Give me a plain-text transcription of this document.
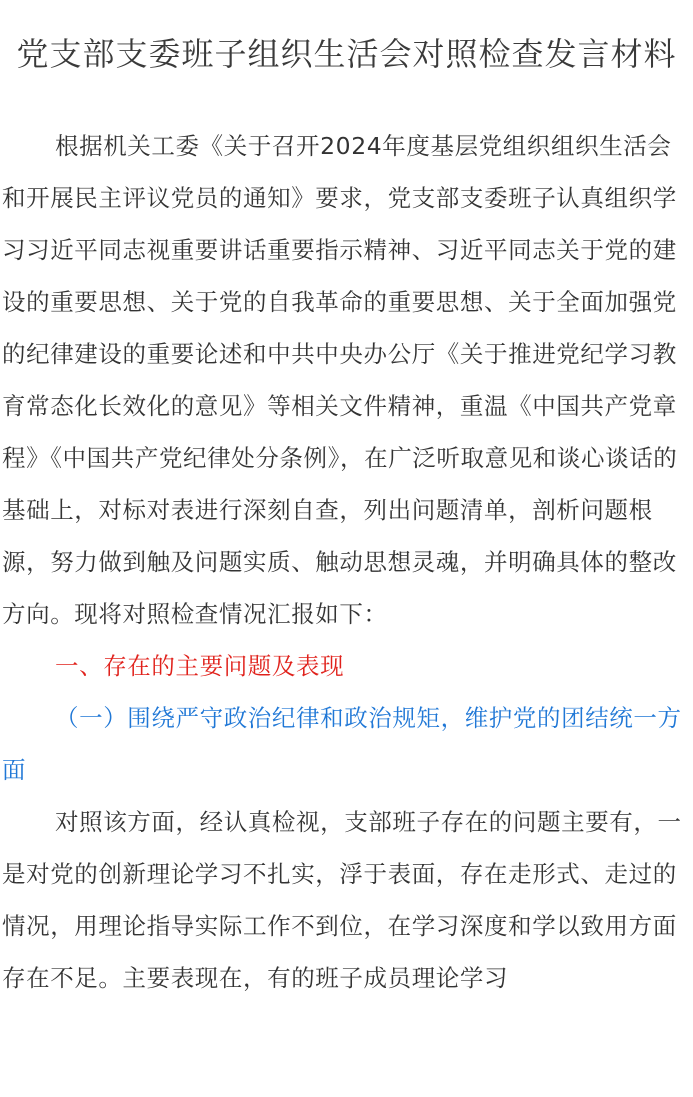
党支部支委班子组织生活会对照检查发言材料

根据机关工委《关于召开2024年度基层党组织组织生活会和开展民主评议党员的通知》要求，党支部支委班子认真组织学习习近平同志视重要讲话重要指示精神、习近平同志关于党的建设的重要思想、关于党的自我革命的重要思想、关于全面加强党的纪律建设的重要论述和中共中央办公厅《关于推进党纪学习教育常态化长效化的意见》等相关文件精神，重温《中国共产党章程》《中国共产党纪律处分条例》，在广泛听取意见和谈心谈话的基础上，对标对表进行深刻自查，列出问题清单，剖析问题根源，努力做到触及问题实质、触动思想灵魂，并明确具体的整改方向。现将对照检查情况汇报如下：

一、存在的主要问题及表现

（一）围绕严守政治纪律和政治规矩，维护党的团结统一方面

对照该方面，经认真检视，支部班子存在的问题主要有，一是对党的创新理论学习不扎实，浮于表面，存在走形式、走过的情况，用理论指导实际工作不到位，在学习深度和学以致用方面存在不足。主要表现在，有的班子成员理论学习
